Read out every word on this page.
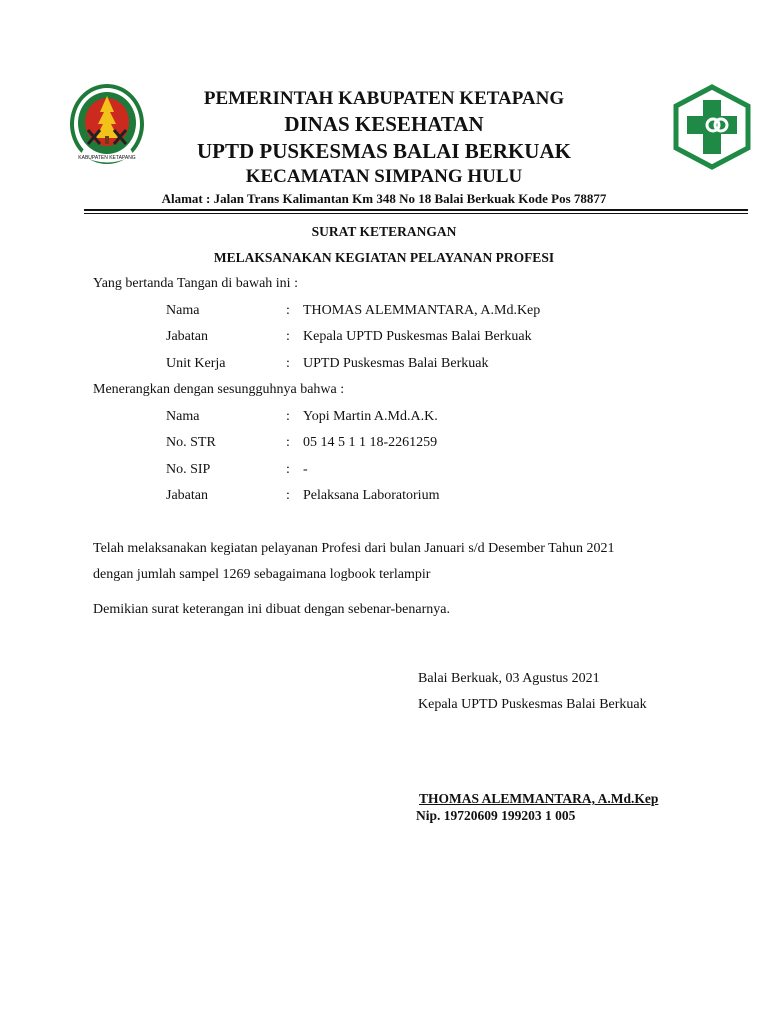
KABUPATEN KETAPANG
PEMERINTAH KABUPATEN KETAPANG
DINAS KESEHATAN
UPTD PUSKESMAS BALAI BERKUAK
KECAMATAN SIMPANG HULU
Alamat : Jalan Trans Kalimantan Km 348 No 18 Balai Berkuak Kode Pos 78877
SURAT KETERANGAN
MELAKSANAKAN KEGIATAN PELAYANAN PROFESI
Yang bertanda Tangan di bawah ini :
Nama	: THOMAS ALEMMANTARA, A.Md.Kep
Jabatan	: Kepala UPTD Puskesmas Balai Berkuak
Unit Kerja	: UPTD Puskesmas Balai Berkuak
Menerangkan dengan sesungguhnya bahwa :
Nama	: Yopi Martin A.Md.A.K.
No. STR	: 05 14 5 1 1 18-2261259
No. SIP	: -
Jabatan	: Pelaksana Laboratorium
Telah melaksanakan kegiatan pelayanan Profesi dari bulan Januari s/d Desember Tahun 2021
dengan jumlah sampel 1269 sebagaimana logbook terlampir
Demikian surat keterangan ini dibuat dengan sebenar-benarnya.
Balai Berkuak, 03 Agustus 2021
Kepala UPTD Puskesmas Balai Berkuak
THOMAS ALEMMANTARA, A.Md.Kep
Nip. 19720609 199203 1 005
